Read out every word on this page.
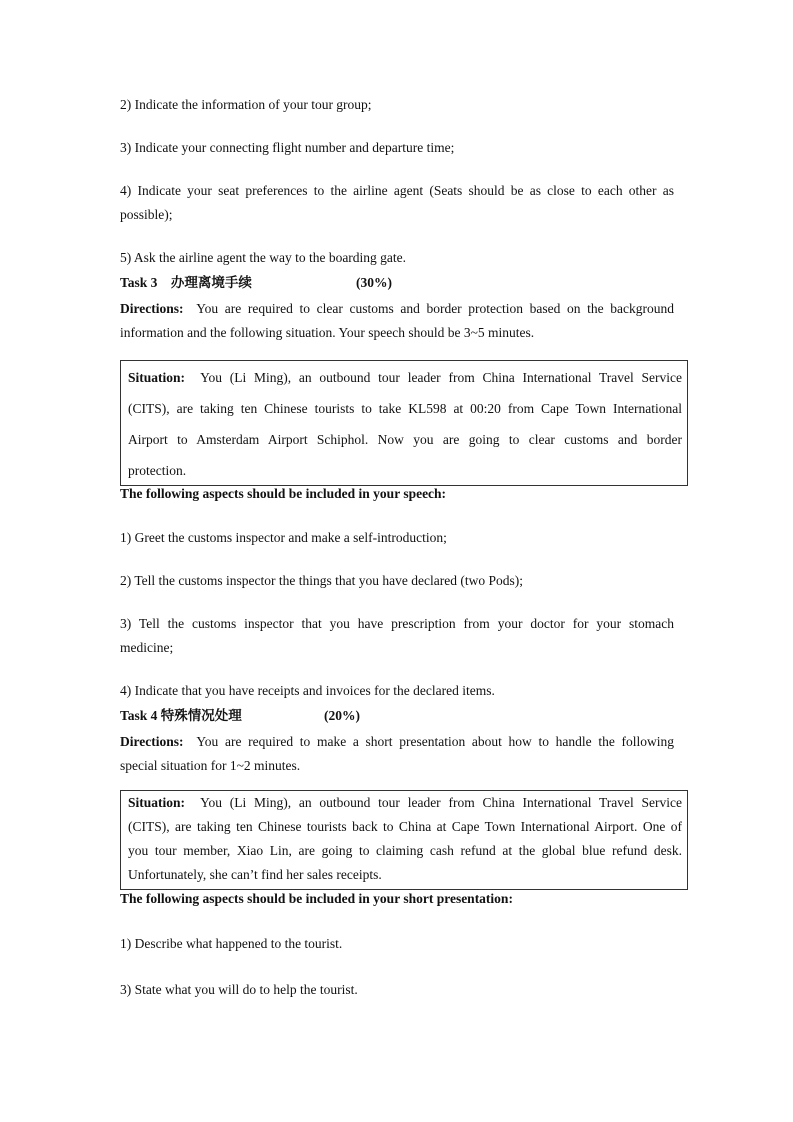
2) Indicate the information of your tour group;
3) Indicate your connecting flight number and departure time;
4) Indicate your seat preferences to the airline agent (Seats should be as close to each other as
possible);
5) Ask the airline agent the way to the boarding gate.
Task 3　办理离境手续	(30%)
Directions: You are required to clear customs and border protection based on the background
information and the following situation. Your speech should be 3~5 minutes.
Situation: You (Li Ming), an outbound tour leader from China International Travel Service
(CITS), are taking ten Chinese tourists to take KL598 at 00:20 from Cape Town International
Airport to Amsterdam Airport Schiphol. Now you are going to clear customs and border
protection.
The following aspects should be included in your speech:
1) Greet the customs inspector and make a self-introduction;
2) Tell the customs inspector the things that you have declared (two Pods);
3) Tell the customs inspector that you have prescription from your doctor for your stomach
medicine;
4) Indicate that you have receipts and invoices for the declared items.
Task 4 特殊情况处理	(20%)
Directions: You are required to make a short presentation about how to handle the following
special situation for 1~2 minutes.
Situation: You (Li Ming), an outbound tour leader from China International Travel Service
(CITS), are taking ten Chinese tourists back to China at Cape Town International Airport. One of
you tour member, Xiao Lin, are going to claiming cash refund at the global blue refund desk.
Unfortunately, she can’t find her sales receipts.
The following aspects should be included in your short presentation:
1) Describe what happened to the tourist.
3) State what you will do to help the tourist.
